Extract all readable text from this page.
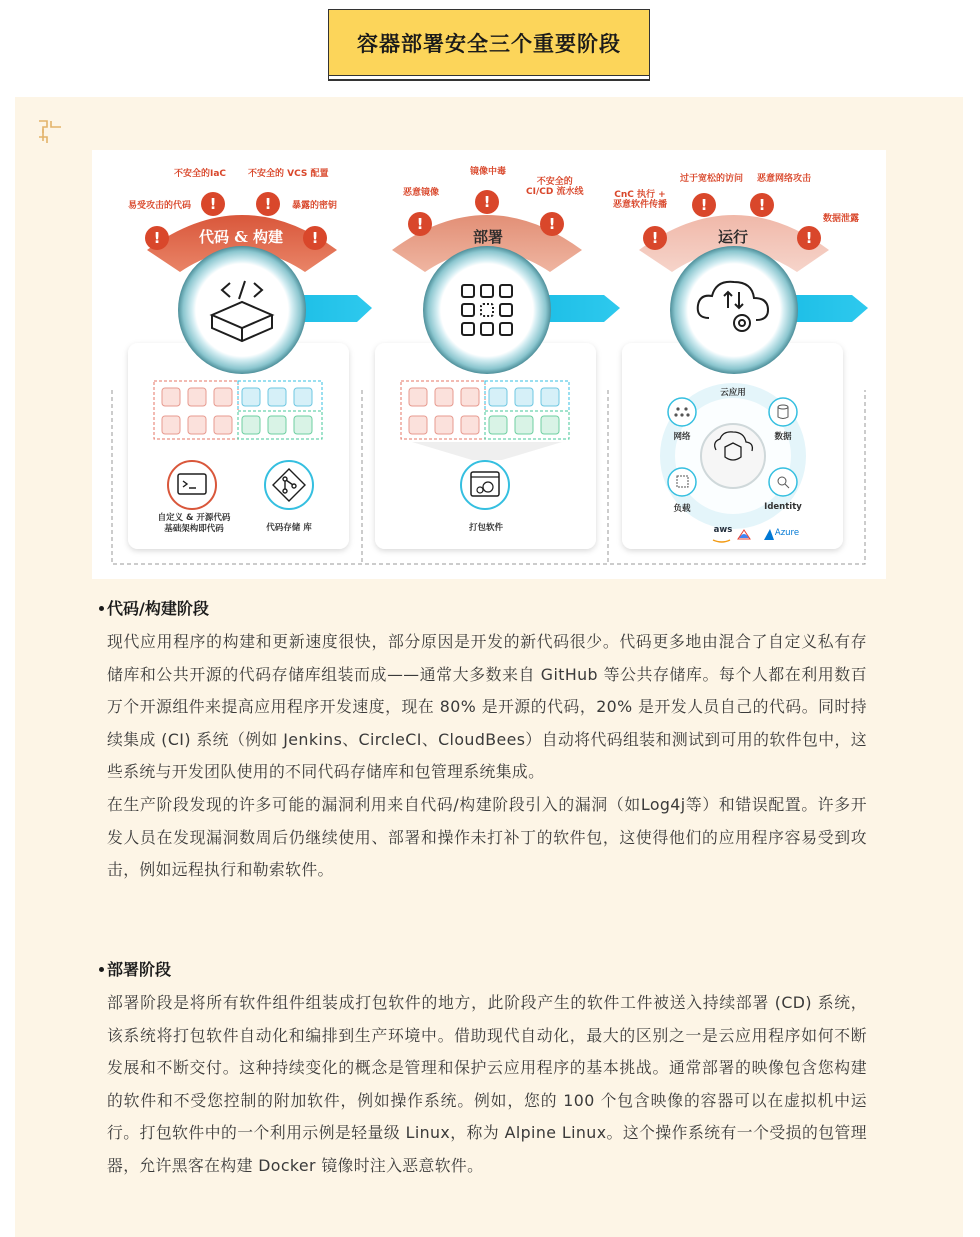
容器部署安全三个重要阶段
!	!
!	!
!
!	!
!	!
!	!
代码 & 构建	部署	运行
不安全的IaC 不安全的 VCS 配置
易受攻击的代码	暴露的密钥
镜像中毒
恶意镜像
不安全的
CI/CD 流水线
过于宽松的访问 恶意网络攻击
CnC 执行 +
恶意软件传播
数据泄露
自定义 & 开源代码
基础架构即代码	代码存储 库	打包软件
云应用
网络	数据
负载	Identity
aws	Azure
代码/构建阶段
现代应用程序的构建和更新速度很快，部分原因是开发的新代码很少。代码更多地由混合了自定义私有存储库和公共开源的代码存储库组装而成——通常大多数来自 GitHub 等公共存储库。每个人都在利用数百万个开源组件来提高应用程序开发速度，现在 80% 是开源的代码，20% 是开发人员自己的代码。同时持续集成 (CI) 系统（例如 Jenkins、CircleCI、CloudBees）自动将代码组装和测试到可用的软件包中，这些系统与开发团队使用的不同代码存储库和包管理系统集成。
在生产阶段发现的许多可能的漏洞利用来自代码/构建阶段引入的漏洞（如Log4j等）和错误配置。许多开发人员在发现漏洞数周后仍继续使用、部署和操作未打补丁的软件包，这使得他们的应用程序容易受到攻击，例如远程执行和勒索软件。
部署阶段
部署阶段是将所有软件组件组装成打包软件的地方，此阶段产生的软件工件被送入持续部署 (CD) 系统，该系统将打包软件自动化和编排到生产环境中。借助现代自动化，最大的区别之一是云应用程序如何不断发展和不断交付。这种持续变化的概念是管理和保护云应用程序的基本挑战。通常部署的映像包含您构建的软件和不受您控制的附加软件，例如操作系统。例如，您的 100 个包含映像的容器可以在虚拟机中运行。打包软件中的一个利用示例是轻量级 Linux，称为 Alpine Linux。这个操作系统有一个受损的包管理器，允许黑客在构建 Docker 镜像时注入恶意软件。
